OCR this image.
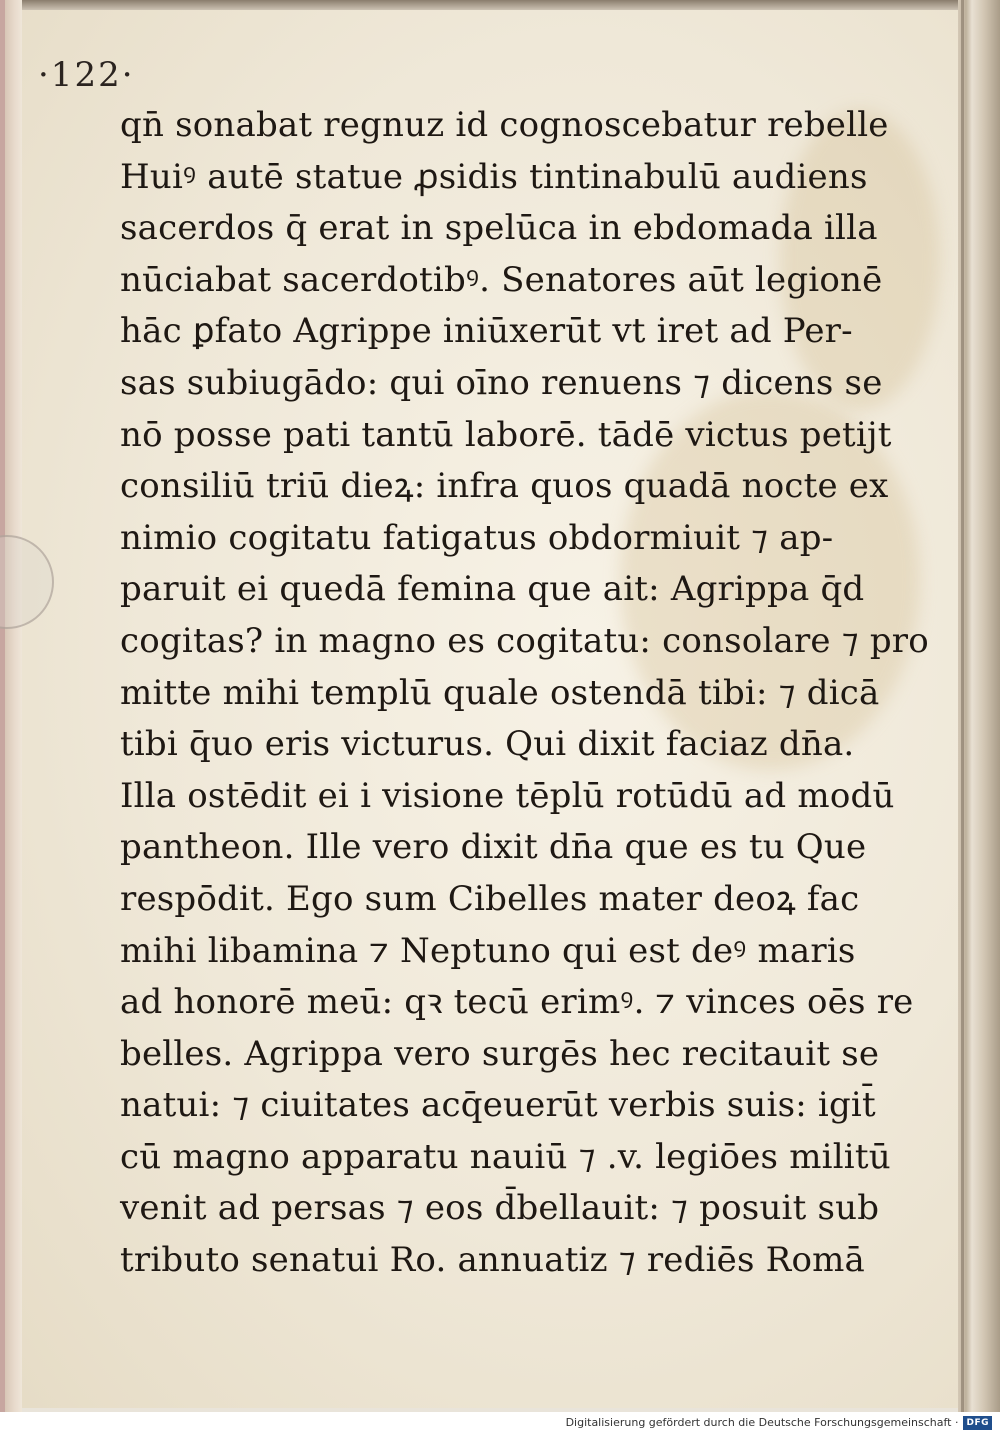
·122·
qn̄ sonabat regnuz id cognoscebatur rebelle
Huiꝰ autē statue ꝓsidis tintinabulū audiens
sacerdos q̄ erat in spelūca in ebdomada illa
nūciabat sacerdotibꝰ. Senatores aūt legionē
hāc ꝑfato Agrippe iniūxerūt vt iret ad Per-
sas subiugādo: qui oīno renuens ⁊ dicens se
nō posse pati tantū laborē. tādē victus petijt
consiliū triū dieꝝ: infra quos quadā nocte ex
nimio cogitatu fatigatus obdormiuit ⁊ ap-
paruit ei quedā femina que ait: Agrippa q̄d
cogitas? in magno es cogitatu: consolare ⁊ pro
mitte mihi templū quale ostendā tibi: ⁊ dicā
tibi q̄uo eris victurus. Qui dixit faciaz dn̄a.
Illa ostēdit ei i visione tēplū rotūdū ad modū
pantheon. Ille vero dixit dn̄a que es tu Que
respōdit. Ego sum Cibelles mater deoꝝ fac
mihi libamina ⁊ Neptuno qui est deꝰ maris
ad honorē meū: qꝛ tecū erimꝰ. ⁊ vinces oēs re
belles. Agrippa vero surgēs hec recitauit se
natui: ⁊ ciuitates acq̄euerūt verbis suis: igit̄
cū magno apparatu nauiū ⁊ .v. legiōes militū
venit ad persas ⁊ eos d̄bellauit: ⁊ posuit sub
tributo senatui Ro. annuatiz ⁊ rediēs Romā
Digitalisierung gefördert durch die Deutsche Forschungsgemeinschaft · DFG
